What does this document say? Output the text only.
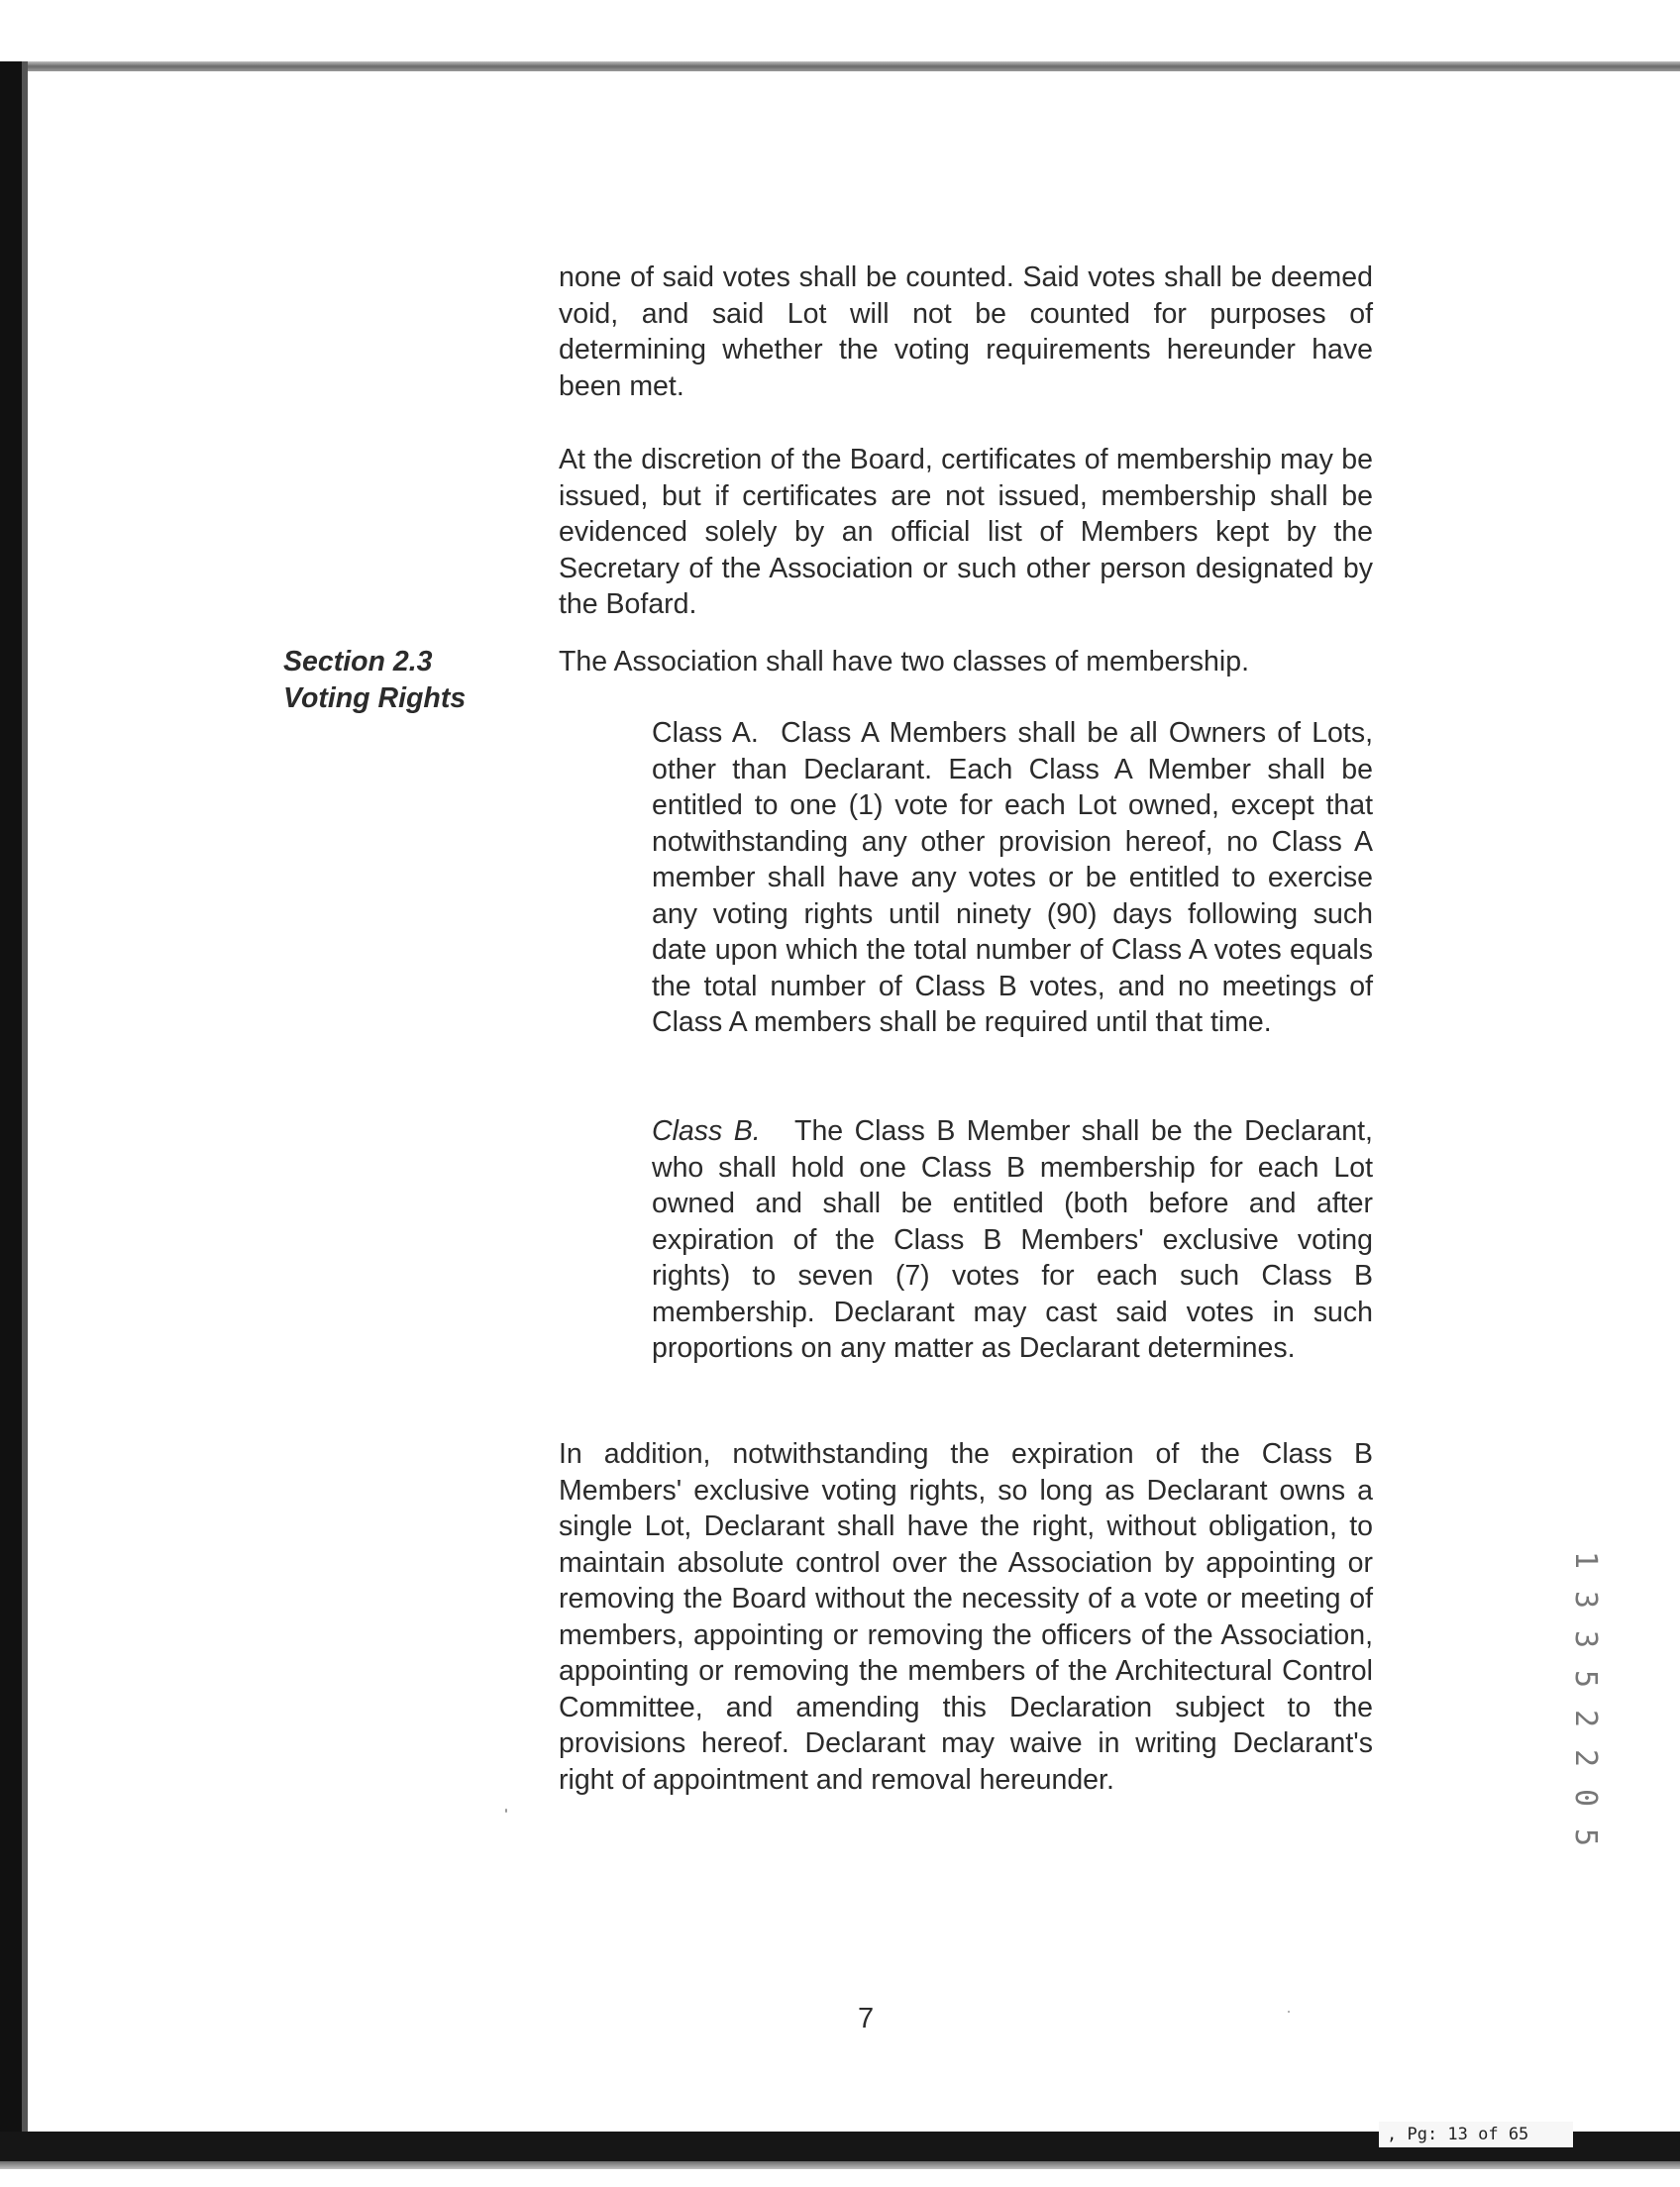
, Pg: 13 of 65

none of said votes shall be counted. Said votes shall be deemed void, and said Lot will not be counted for purposes of determining whether the voting requirements hereunder have been met.

At the discretion of the Board, certificates of membership may be issued, but if certificates are not issued, membership shall be evidenced solely by an official list of Members kept by the Secretary of the Association or such other person designated by the Bofard.

Section 2.3
Voting Rights

The Association shall have two classes of membership.

Class A. Class A Members shall be all Owners of Lots, other than Declarant. Each Class A Member shall be entitled to one (1) vote for each Lot owned, except that notwithstanding any other provision hereof, no Class A member shall have any votes or be entitled to exercise any voting rights until ninety (90) days following such date upon which the total number of Class A votes equals the total number of Class B votes, and no meetings of Class A members shall be required until that time.

Class B. The Class B Member shall be the Declarant, who shall hold one Class B membership for each Lot owned and shall be entitled (both before and after expiration of the Class B Members' exclusive voting rights) to seven (7) votes for each such Class B membership. Declarant may cast said votes in such proportions on any matter as Declarant determines.

In addition, notwithstanding the expiration of the Class B Members' exclusive voting rights, so long as Declarant owns a single Lot, Declarant shall have the right, without obligation, to maintain absolute control over the Association by appointing or removing the Board without the necessity of a vote or meeting of members, appointing or removing the officers of the Association, appointing or removing the members of the Architectural Control Committee, and amending this Declaration subject to the provisions hereof. Declarant may waive in writing Declarant's right of appointment and removal hereunder.

7
1
3
3
5
2
2
0
5
